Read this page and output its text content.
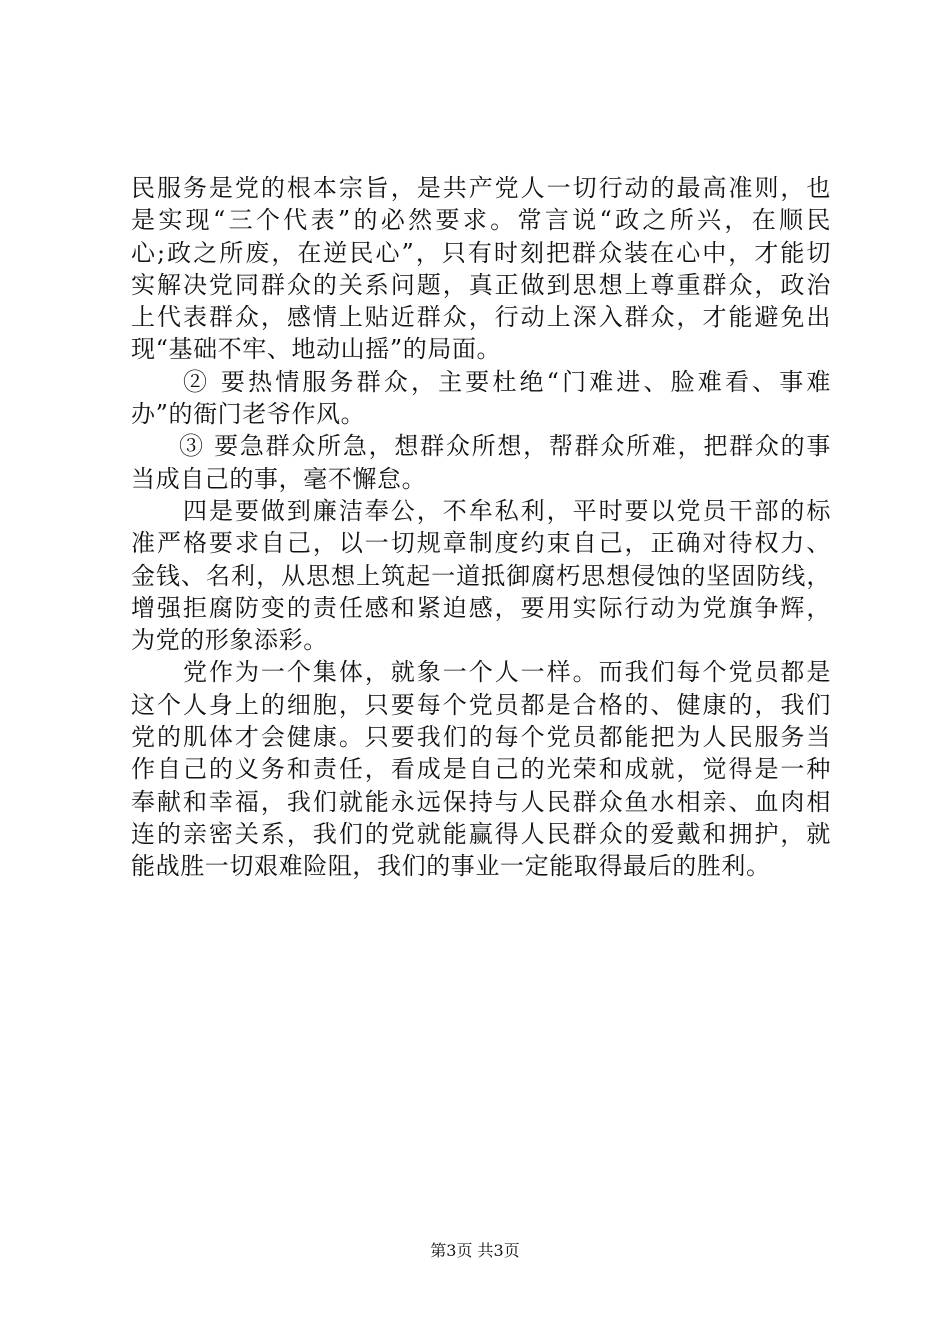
民服务是党的根本宗旨，是共产党人一切行动的最高准则，也
是实现“三个代表”的必然要求。常言说“政之所兴，在顺民
心;政之所废，在逆民心”，只有时刻把群众装在心中，才能切
实解决党同群众的关系问题，真正做到思想上尊重群众，政治
上代表群众，感情上贴近群众，行动上深入群众，才能避免出
现“基础不牢、地动山摇”的局面。
② 要热情服务群众，主要杜绝“门难进、脸难看、事难
办”的衙门老爷作风。
③ 要急群众所急，想群众所想，帮群众所难，把群众的事
当成自己的事，毫不懈怠。
四是要做到廉洁奉公，不牟私利，平时要以党员干部的标
准严格要求自己，以一切规章制度约束自己，正确对待权力、
金钱、名利，从思想上筑起一道抵御腐朽思想侵蚀的坚固防线，
增强拒腐防变的责任感和紧迫感，要用实际行动为党旗争辉，
为党的形象添彩。
党作为一个集体，就象一个人一样。而我们每个党员都是
这个人身上的细胞，只要每个党员都是合格的、健康的，我们
党的肌体才会健康。只要我们的每个党员都能把为人民服务当
作自己的义务和责任，看成是自己的光荣和成就，觉得是一种
奉献和幸福，我们就能永远保持与人民群众鱼水相亲、血肉相
连的亲密关系，我们的党就能赢得人民群众的爱戴和拥护，就
能战胜一切艰难险阻，我们的事业一定能取得最后的胜利。
第3页 共3页
